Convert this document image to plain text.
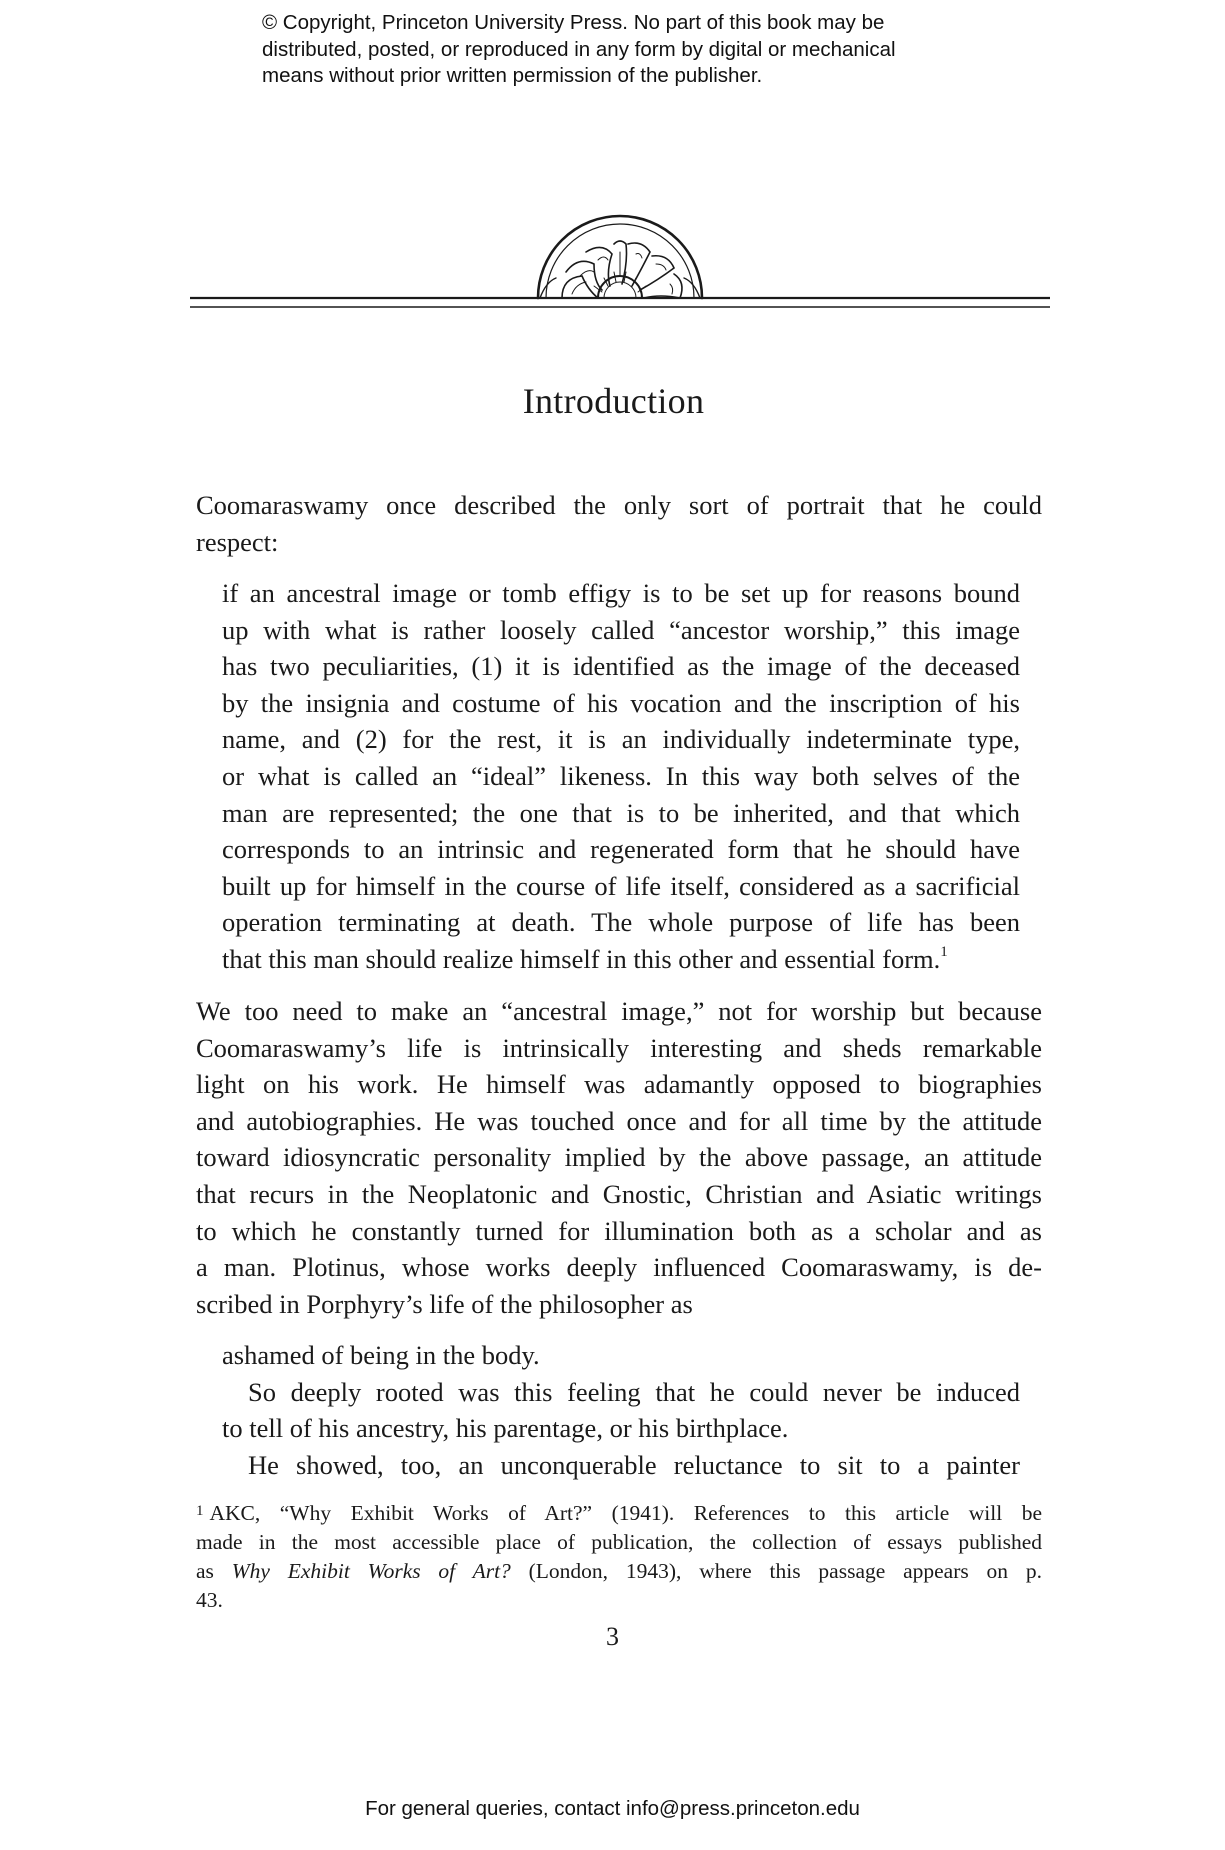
© Copyright, Princeton University Press. No part of this book may be
distributed, posted, or reproduced in any form by digital or mechanical
means without prior written permission of the publisher.
Introduction
Coomaraswamy once described the only sort of portrait that he could
respect:
if an ancestral image or tomb effigy is to be set up for reasons bound
up with what is rather loosely called “ancestor worship,” this image
has two peculiarities, (1) it is identified as the image of the deceased
by the insignia and costume of his vocation and the inscription of his
name, and (2) for the rest, it is an individually indeterminate type,
or what is called an “ideal” likeness. In this way both selves of the
man are represented; the one that is to be inherited, and that which
corresponds to an intrinsic and regenerated form that he should have
built up for himself in the course of life itself, considered as a sacrificial
operation terminating at death. The whole purpose of life has been
that this man should realize himself in this other and essential form.$^1$
We too need to make an “ancestral image,” not for worship but because
Coomaraswamy’s life is intrinsically interesting and sheds remarkable
light on his work. He himself was adamantly opposed to biographies
and autobiographies. He was touched once and for all time by the attitude
toward idiosyncratic personality implied by the above passage, an attitude
that recurs in the Neoplatonic and Gnostic, Christian and Asiatic writings
to which he constantly turned for illumination both as a scholar and as
a man. Plotinus, whose works deeply influenced Coomaraswamy, is de-
scribed in Porphyry’s life of the philosopher as
ashamed of being in the body.
So deeply rooted was this feeling that he could never be induced
to tell of his ancestry, his parentage, or his birthplace.
He showed, too, an unconquerable reluctance to sit to a painter
$^1$ AKC, “Why Exhibit Works of Art?” (1941). References to this article will be
made in the most accessible place of publication, the collection of essays published
as Why Exhibit Works of Art? (London, 1943), where this passage appears on p.
43.
3
For general queries, contact info@press.princeton.edu
